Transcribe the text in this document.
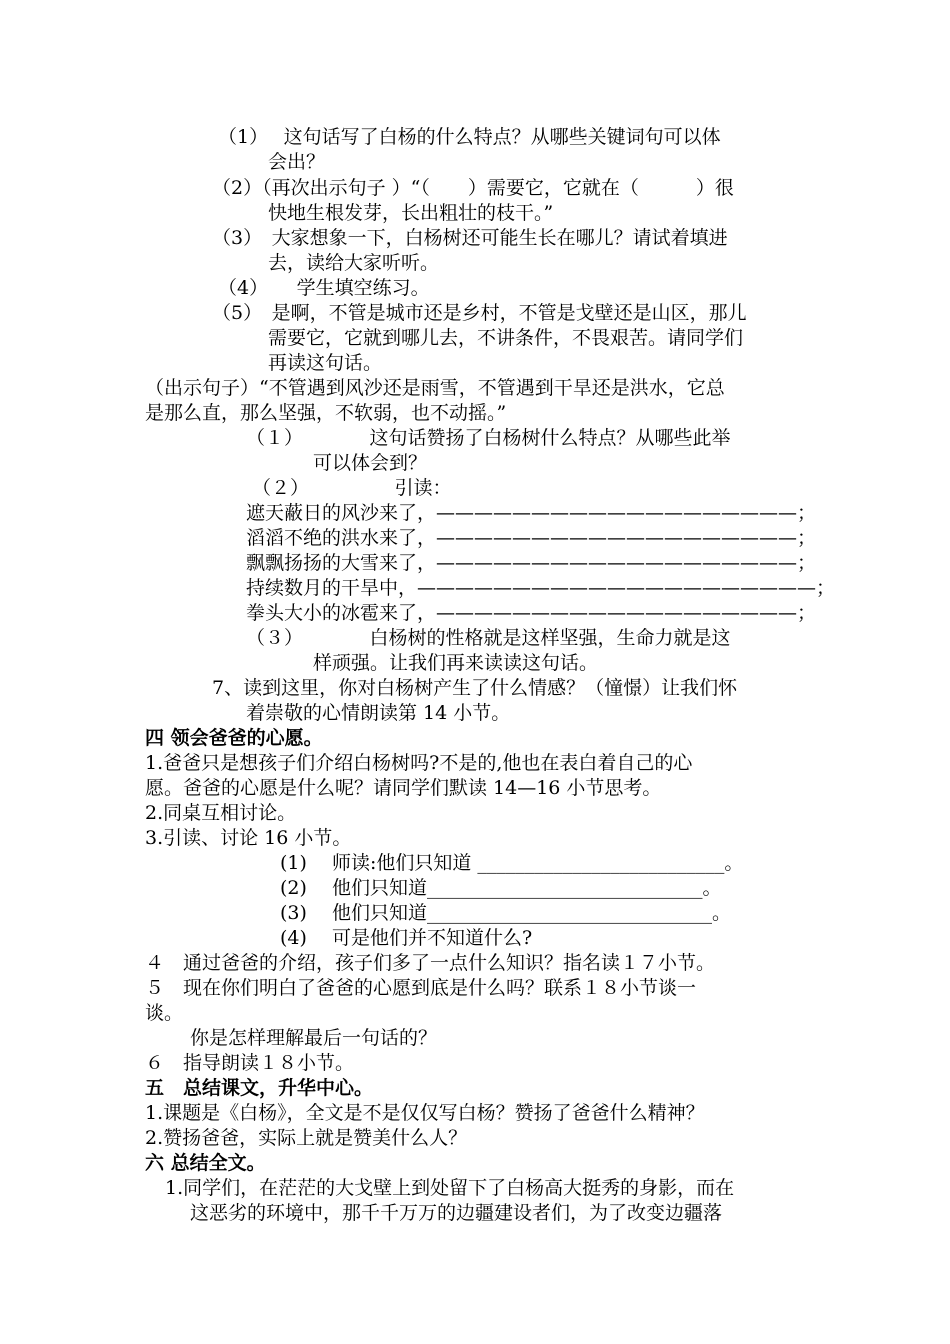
（1）　 这句话写了白杨的什么特点？从哪些关键词句可以体
会出？
（2）（再次出示句子 ）“（　　）需要它，它就在（　　　）很
快地生根发芽，长出粗壮的枝干。”
（3）　大家想象一下，白杨树还可能生长在哪儿？请试着填进
去，读给大家听听。
（4）　　学生填空练习。
（5）　是啊，不管是城市还是乡村，不管是戈壁还是山区，那儿
需要它，它就到哪儿去，不讲条件，不畏艰苦。请同学们
再读这句话。
（出示句子）“不管遇到风沙还是雨雪，不管遇到干旱还是洪水，它总
是那么直，那么坚强，不软弱，也不动摇。”
（１）　　　　这句话赞扬了白杨树什么特点？从哪些此举
可以体会到？
（２）　　　　　引读：
遮天蔽日的风沙来了，———————————————————；
滔滔不绝的洪水来了，———————————————————；
飘飘扬扬的大雪来了，———————————————————；
持续数月的干旱中，—————————————————————；
拳头大小的冰雹来了，———————————————————；
（３）　　　　白杨树的性格就是这样坚强，生命力就是这
样顽强。让我们再来读读这句话。
7、读到这里，你对白杨树产生了什么情感？（憧憬）让我们怀
着崇敬的心情朗读第 14 小节。
四 领会爸爸的心愿。
1.爸爸只是想孩子们介绍白杨树吗?不是的,他也在表白着自己的心
愿。爸爸的心愿是什么呢？请同学们默读 14—16 小节思考。
2.同桌互相讨论。
3.引读、讨论 16 小节。
(1)　 师读:他们只知道 __________________________。
(2)　 他们只知道_____________________________。
(3)　 他们只知道______________________________。
(4)　 可是他们并不知道什么?
４　通过爸爸的介绍，孩子们多了一点什么知识？指名读１７小节。
５　现在你们明白了爸爸的心愿到底是什么吗？联系１８小节谈一
谈。
你是怎样理解最后一句话的？
６　指导朗读１８小节。
五　总结课文，升华中心。
1.课题是《白杨》，全文是不是仅仅写白杨？赞扬了爸爸什么精神？
2.赞扬爸爸，实际上就是赞美什么人？
六 总结全文。
1.同学们，在茫茫的大戈壁上到处留下了白杨高大挺秀的身影，而在
这恶劣的环境中，那千千万万的边疆建设者们，为了改变边疆落
